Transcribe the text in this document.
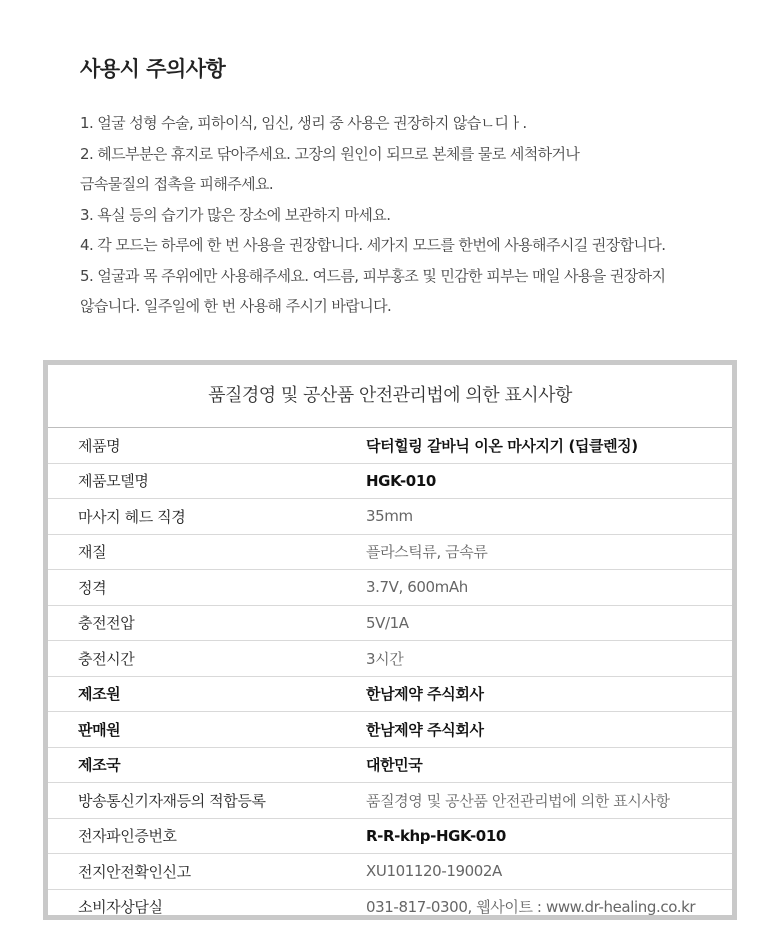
사용시 주의사항
1. 얼굴 성형 수술, 피하이식, 임신, 생리 중 사용은 권장하지 않습ㄴ디ㅏ.
2. 헤드부분은 휴지로 닦아주세요. 고장의 원인이 되므로 본체를 물로 세척하거나
금속물질의 접촉을 피해주세요.
3. 욕실 등의 습기가 많은 장소에 보관하지 마세요.
4. 각 모드는 하루에 한 번 사용을 권장합니다. 세가지 모드를 한번에 사용해주시길 권장합니다.
5. 얼굴과 목 주위에만 사용해주세요. 여드름, 피부홍조 및 민감한 피부는 매일 사용을 권장하지
않습니다. 일주일에 한 번 사용해 주시기 바랍니다.
품질경영 및 공산품 안전관리법에 의한 표시사항
제품명	닥터힐링 갈바닉 이온 마사지기 (딥클렌징)
제품모델명	HGK-010
마사지 헤드 직경	35mm
재질	플라스틱류, 금속류
정격	3.7V, 600mAh
충전전압	5V/1A
충전시간	3시간
제조원	한남제약 주식회사
판매원	한남제약 주식회사
제조국	대한민국
방송통신기자재등의 적합등록	품질경영 및 공산품 안전관리법에 의한 표시사항
전자파인증번호	R-R-khp-HGK-010
전지안전확인신고	XU101120-19002A
소비자상담실	031-817-0300, 웹사이트 : www.dr-healing.co.kr
